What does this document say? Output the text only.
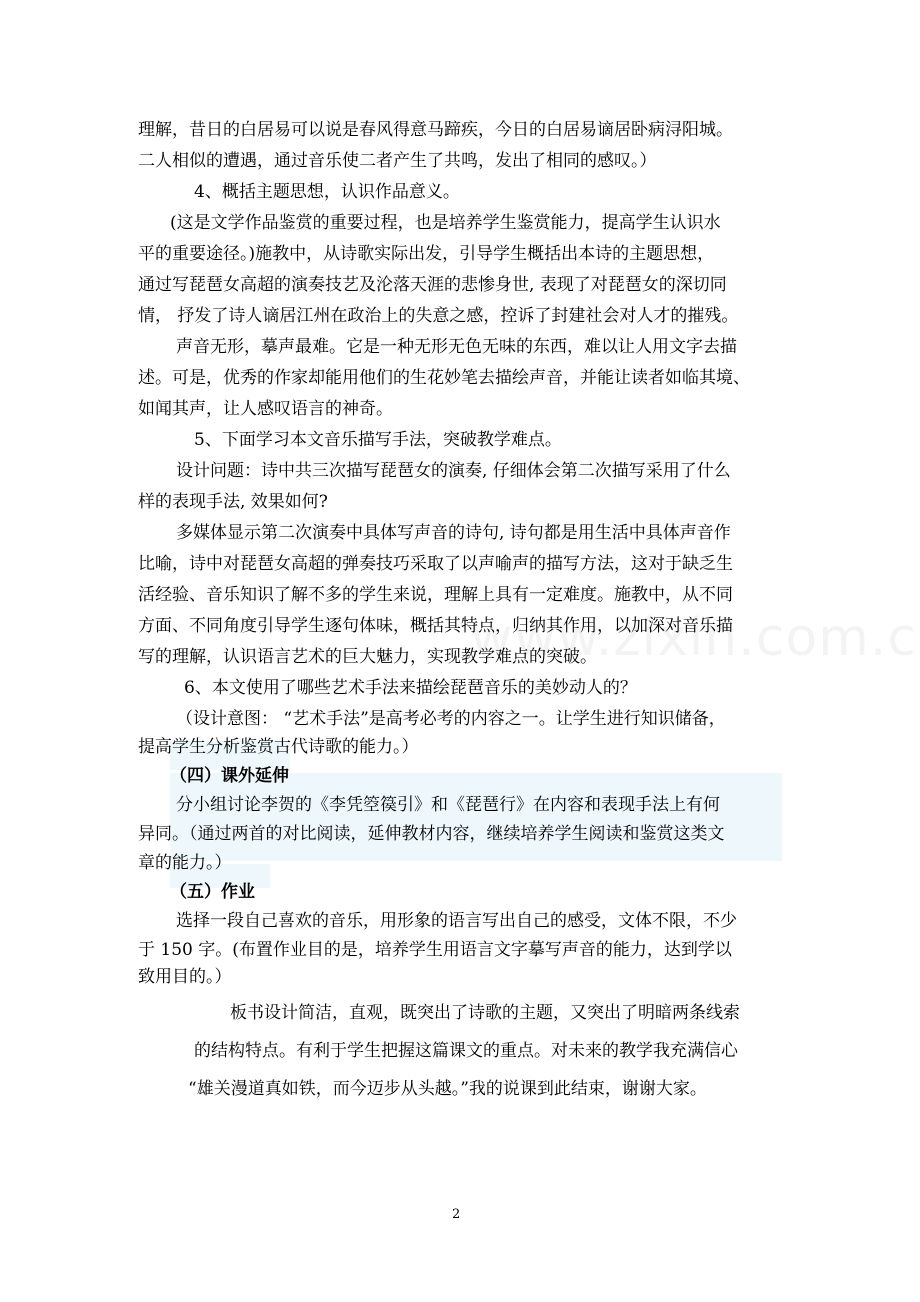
理解，昔日的白居易可以说是春风得意马蹄疾，今日的白居易谪居卧病浔阳城。
二人相似的遭遇，通过音乐使二者产生了共鸣，发出了相同的感叹。）
4、概括主题思想，认识作品意义。
(这是文学作品鉴赏的重要过程，也是培养学生鉴赏能力，提高学生认识水
平的重要途径。)施教中，从诗歌实际出发，引导学生概括出本诗的主题思想，
通过写琵琶女高超的演奏技艺及沦落天涯的悲惨身世, 表现了对琵琶女的深切同
情， 抒发了诗人谪居江州在政治上的失意之感，控诉了封建社会对人才的摧残。
声音无形，摹声最难。它是一种无形无色无味的东西，难以让人用文字去描
述。可是，优秀的作家却能用他们的生花妙笔去描绘声音，并能让读者如临其境、
如闻其声，让人感叹语言的神奇。
5、下面学习本文音乐描写手法，突破教学难点。
设计问题：诗中共三次描写琵琶女的演奏, 仔细体会第二次描写采用了什么
样的表现手法, 效果如何?
多媒体显示第二次演奏中具体写声音的诗句, 诗句都是用生活中具体声音作
比喻，诗中对琵琶女高超的弹奏技巧采取了以声喻声的描写方法，这对于缺乏生
活经验、音乐知识了解不多的学生来说，理解上具有一定难度。施教中，从不同
方面、不同角度引导学生逐句体味，概括其特点，归纳其作用，以加深对音乐描
写的理解，认识语言艺术的巨大魅力，实现教学难点的突破。
6、本文使用了哪些艺术手法来描绘琵琶音乐的美妙动人的？
（设计意图： “艺术手法”是高考必考的内容之一。让学生进行知识储备，
提高学生分析鉴赏古代诗歌的能力。）
（四）课外延伸
分小组讨论李贺的《李凭箜篌引》和《琵琶行》在内容和表现手法上有何
异同。（通过两首的对比阅读，延伸教材内容，继续培养学生阅读和鉴赏这类文
章的能力。）
（五）作业
选择一段自己喜欢的音乐，用形象的语言写出自己的感受，文体不限，不少
于 150 字。(布置作业目的是，培养学生用语言文字摹写声音的能力，达到学以
致用目的。）
板书设计简洁，直观，既突出了诗歌的主题，又突出了明暗两条线索
的结构特点。有利于学生把握这篇课文的重点。对未来的教学我充满信心
“雄关漫道真如铁，而今迈步从头越。”我的说课到此结束，谢谢大家。
2
